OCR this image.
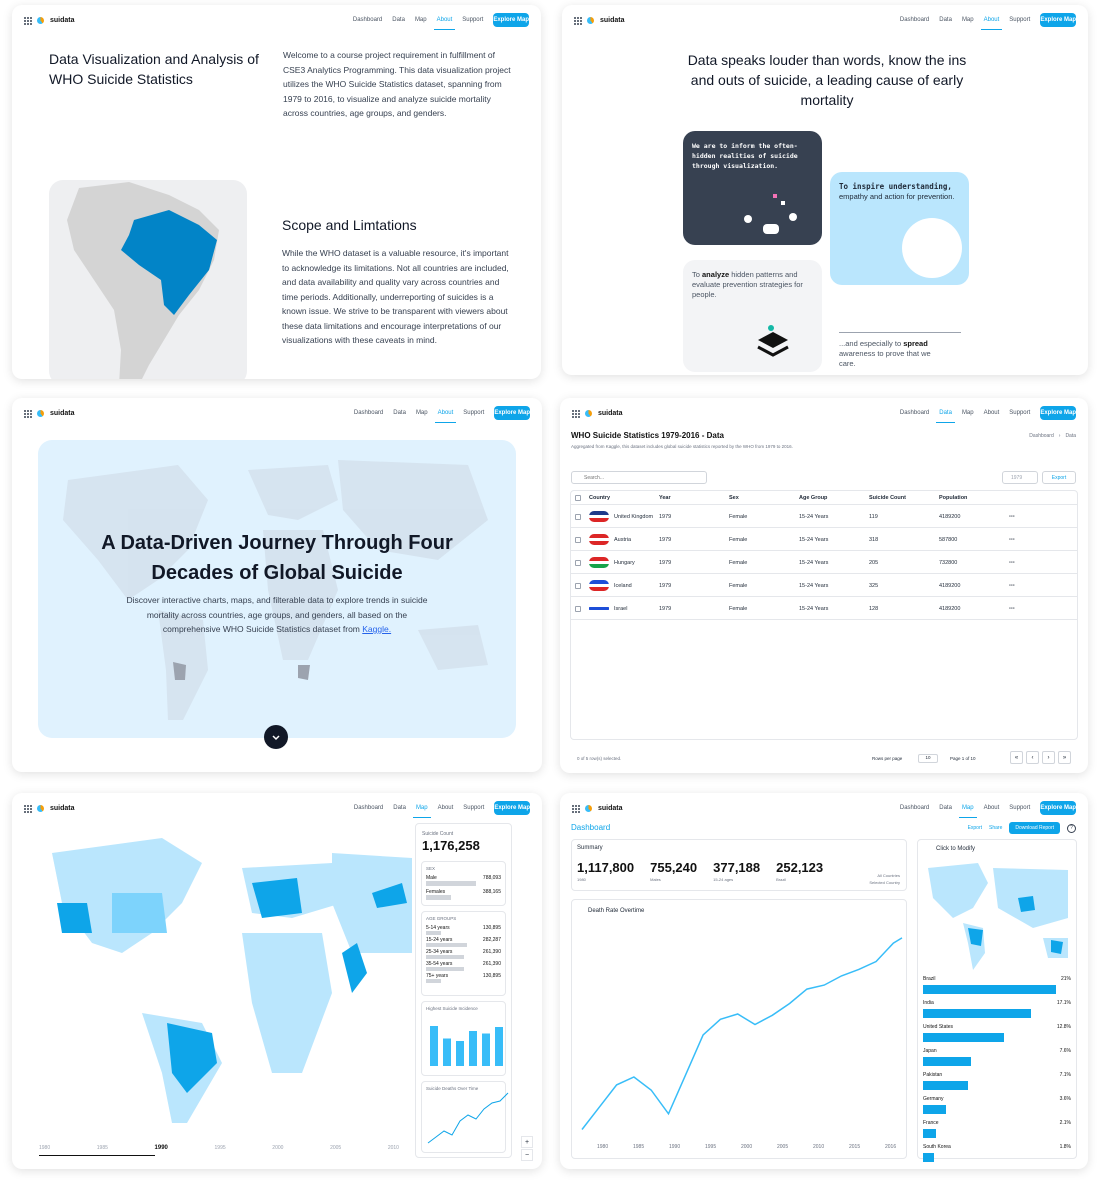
suidata	Dashboard Data Map About Support Explore Map
Data Visualization and Analysis of WHO Suicide Statistics
Welcome to a course project requirement in fulfillment of CSE3 Analytics Programming. This data visualization project utilizes the WHO Suicide Statistics dataset, spanning from 1979 to 2016, to visualize and analyze suicide mortality across countries, age groups, and genders.
Scope and Limtations
While the WHO dataset is a valuable resource, it's important to acknowledge its limitations. Not all countries are included, and data availability and quality vary across countries and time periods. Additionally, underreporting of suicides is a known issue. We strive to be transparent with viewers about these data limitations and encourage interpretations of our visualizations with these caveats in mind.
suidata	Dashboard Data Map About Support Explore Map
Data speaks louder than words, know the ins and outs of suicide, a leading cause of early mortality
We are to inform the often-hidden realities of suicide through visualization.
To inspire understanding, empathy and action for prevention.
To analyze hidden patterns and evaluate prevention strategies for people.
...and especially to spread awareness to prove that we care.
suidata	Dashboard Data Map About Support Explore Map
A Data-Driven Journey Through Four Decades of Global Suicide
Discover interactive charts, maps, and filterable data to explore trends in suicide mortality across countries, age groups, and genders, all based on the comprehensive WHO Suicide Statistics dataset from Kaggle.
suidata	Dashboard Data Map About Support Explore Map
WHO Suicide Statistics 1979-2016 - Data
Aggregated from Kaggle, this dataset includes global suicide statistics reported by the WHO from 1979 to 2016.
Dashboard › Data
Search...
1979	Export
Country	Year	Sex	Age Group	Suicide Count	Population
United Kingdom 1979	Female	15-24 Years	119	4189200	⋯
Austria	1979	Female	15-24 Years	318	587800	⋯
Hungary	1979	Female	15-24 Years	205	732800	⋯
Iceland	1979	Female	15-24 Years	325	4189200	⋯
Israel	1979	Female	15-24 Years	128	4189200	⋯
0 of 5 row(s) selected.	Rows per page	10	Page 1 of 10	«	‹	›	»
suidata	Dashboard Data Map About Support Explore Map
1980	1985	1990	1995	2000	2005	2010
Suicide Count
1,176,258
SEX
Male	788,093
Females	388,165
AGE GROUPS
5-14 years	130,895
15-24 years	282,287
25-34 years	261,390
35-54 years	261,390
75+ years	130,895
Highest Suicide Incidence
Suicide Deaths Over Time
+
−
suidata	Dashboard Data Map About Support Explore Map
Dashboard	Export Share	Download Report	?
Summary
1,117,800
1980
755,240
Males
377,188
15-24 ages
252,123
Brazil
All Countries
Selected Country
Death Rate Overtime
1980	1985	1990	1995	2000	2005	2010	2015	2016
Click to Modify
Brazil	21%
India	17.1%
United States	12.8%
Japan	7.6%
Pakistan	7.1%
Germany	3.6%
France	2.1%
South Korea	1.8%
